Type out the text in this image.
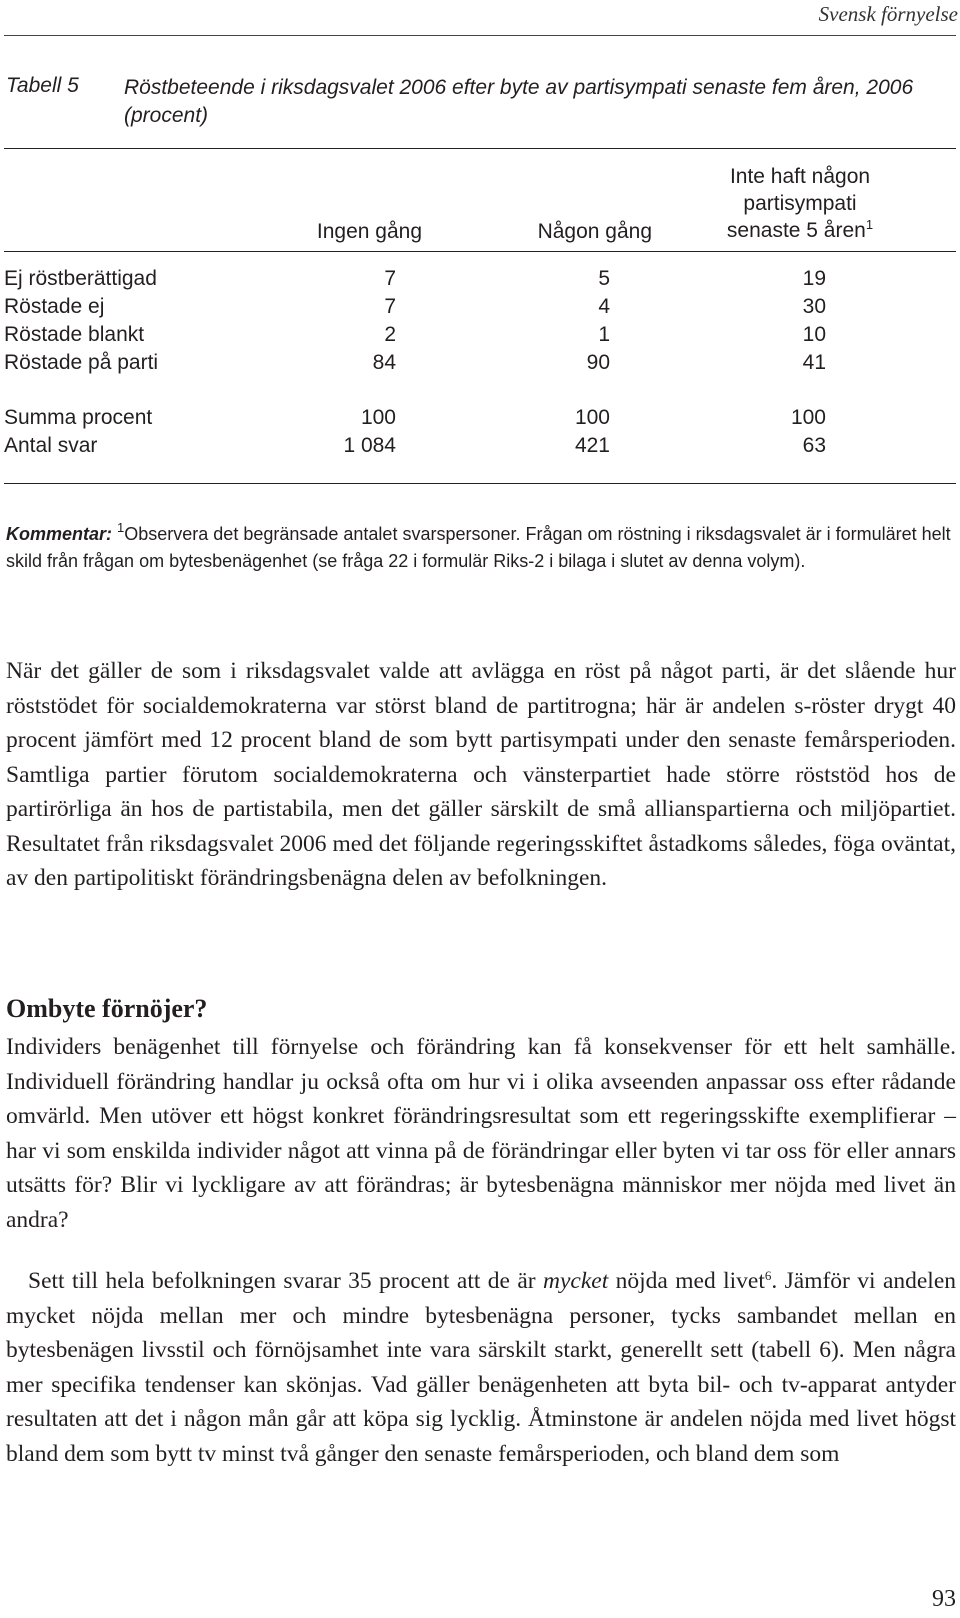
Svensk förnyelse
Tabell 5 Röstbeteende i riksdagsvalet 2006 efter byte av partisympati senaste fem åren, 2006 (procent)
Ingen gång	Någon gång
Inte haft någon
partisympati
senaste 5 åren$^1$
Ej röstberättigad	7	5	19
Röstade ej	7	4	30
Röstade blankt	2	1	10
Röstade på parti	84	90	41
Summa procent	100	100	100
Antal svar	1 084	421	63
Kommentar: $^1$Observera det begränsade antalet svarspersoner. Frågan om röstning i riksdagsvalet är i formuläret helt skild från frågan om bytesbenägenhet (se fråga 22 i formulär Riks-2 i bilaga i slutet av denna volym).

När det gäller de som i riksdagsvalet valde att avlägga en röst på något parti, är det slående hur röststödet för socialdemokraterna var störst bland de partitrogna; här är andelen s-röster drygt 40 procent jämfört med 12 procent bland de som bytt partisympati under den senaste femårsperioden. Samtliga partier förutom socialdemokraterna och vänsterpartiet hade större röststöd hos de partirörliga än hos de partistabila, men det gäller särskilt de små allianspartierna och miljöpartiet. Resultatet från riksdagsvalet 2006 med det följande regeringsskiftet åstadkoms således, föga oväntat, av den partipolitiskt förändringsbenägna delen av befolkningen.

Ombyte förnöjer?

Individers benägenhet till förnyelse och förändring kan få konsekvenser för ett helt samhälle. Individuell förändring handlar ju också ofta om hur vi i olika avseenden anpassar oss efter rådande omvärld. Men utöver ett högst konkret förändringsresultat som ett regeringsskifte exemplifierar – har vi som enskilda individer något att vinna på de förändringar eller byten vi tar oss för eller annars utsätts för? Blir vi lyckligare av att förändras; är bytesbenägna människor mer nöjda med livet än andra?

Sett till hela befolkningen svarar 35 procent att de är mycket nöjda med livet$^6$. Jämför vi andelen mycket nöjda mellan mer och mindre bytesbenägna personer, tycks sambandet mellan en bytesbenägen livsstil och förnöjsamhet inte vara särskilt starkt, generellt sett (tabell 6). Men några mer specifika tendenser kan skönjas. Vad gäller benägenheten att byta bil- och tv-apparat antyder resultaten att det i någon mån går att köpa sig lycklig. Åtminstone är andelen nöjda med livet högst bland dem som bytt tv minst två gånger den senaste femårsperioden, och bland dem som

93
